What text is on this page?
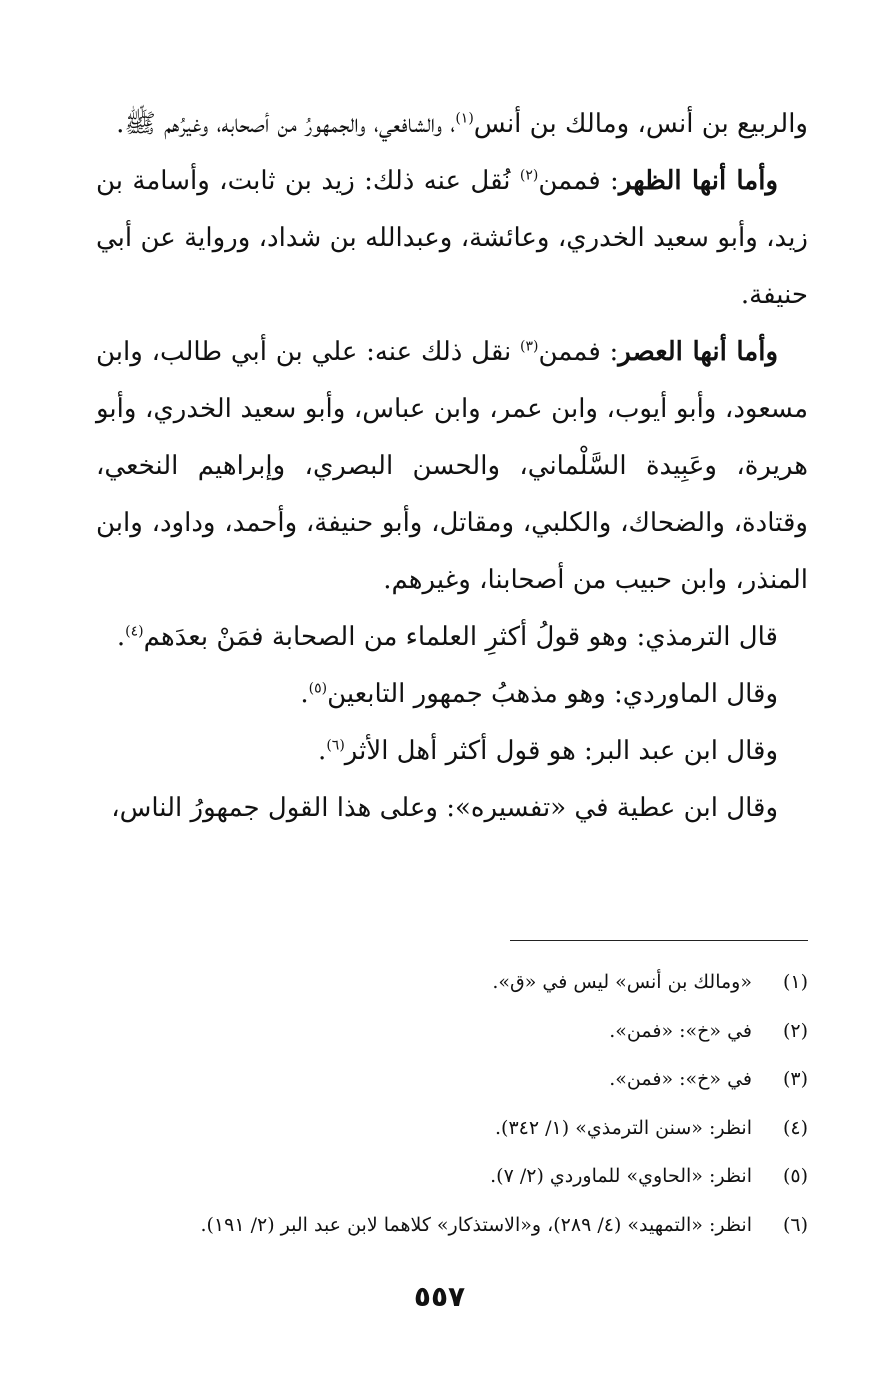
والربيع بن أنس، ومالك بن أنس$^{(١)}$، والشافعي، والجمهورُ من أصحابه، وغيرُهم ﷺ.

وأما أنها الظهر: فممن$^{(٢)}$ نُقل عنه ذلك: زيد بن ثابت، وأسامة بن زيد، وأبو سعيد الخدري، وعائشة، وعبدالله بن شداد، ورواية عن أبي حنيفة.

وأما أنها العصر: فممن$^{(٣)}$ نقل ذلك عنه: علي بن أبي طالب، وابن مسعود، وأبو أيوب، وابن عمر، وابن عباس، وأبو سعيد الخدري، وأبو هريرة، وعَبِيدة السَّلْماني، والحسن البصري، وإبراهيم النخعي، وقتادة، والضحاك، والكلبي، ومقاتل، وأبو حنيفة، وأحمد، وداود، وابن المنذر، وابن حبيب من أصحابنا، وغيرهم.

قال الترمذي: وهو قولُ أكثرِ العلماء من الصحابة فمَنْ بعدَهم$^{(٤)}$.

وقال الماوردي: وهو مذهبُ جمهور التابعين$^{(٥)}$.

وقال ابن عبد البر: هو قول أكثر أهل الأثر$^{(٦)}$.

وقال ابن عطية في «تفسيره»: وعلى هذا القول جمهورُ الناس،

(١)«ومالك بن أنس» ليس في «ق».
(٢)في «خ»: «فمن».
(٣)في «خ»: «فمن».
(٤)انظر: «سنن الترمذي» (١/ ٣٤٢).
(٥)انظر: «الحاوي» للماوردي (٢/ ٧).
(٦)انظر: «التمهيد» (٤/ ٢٨٩)، و«الاستذكار» كلاهما لابن عبد البر (٢/ ١٩١).
٥٥٧
